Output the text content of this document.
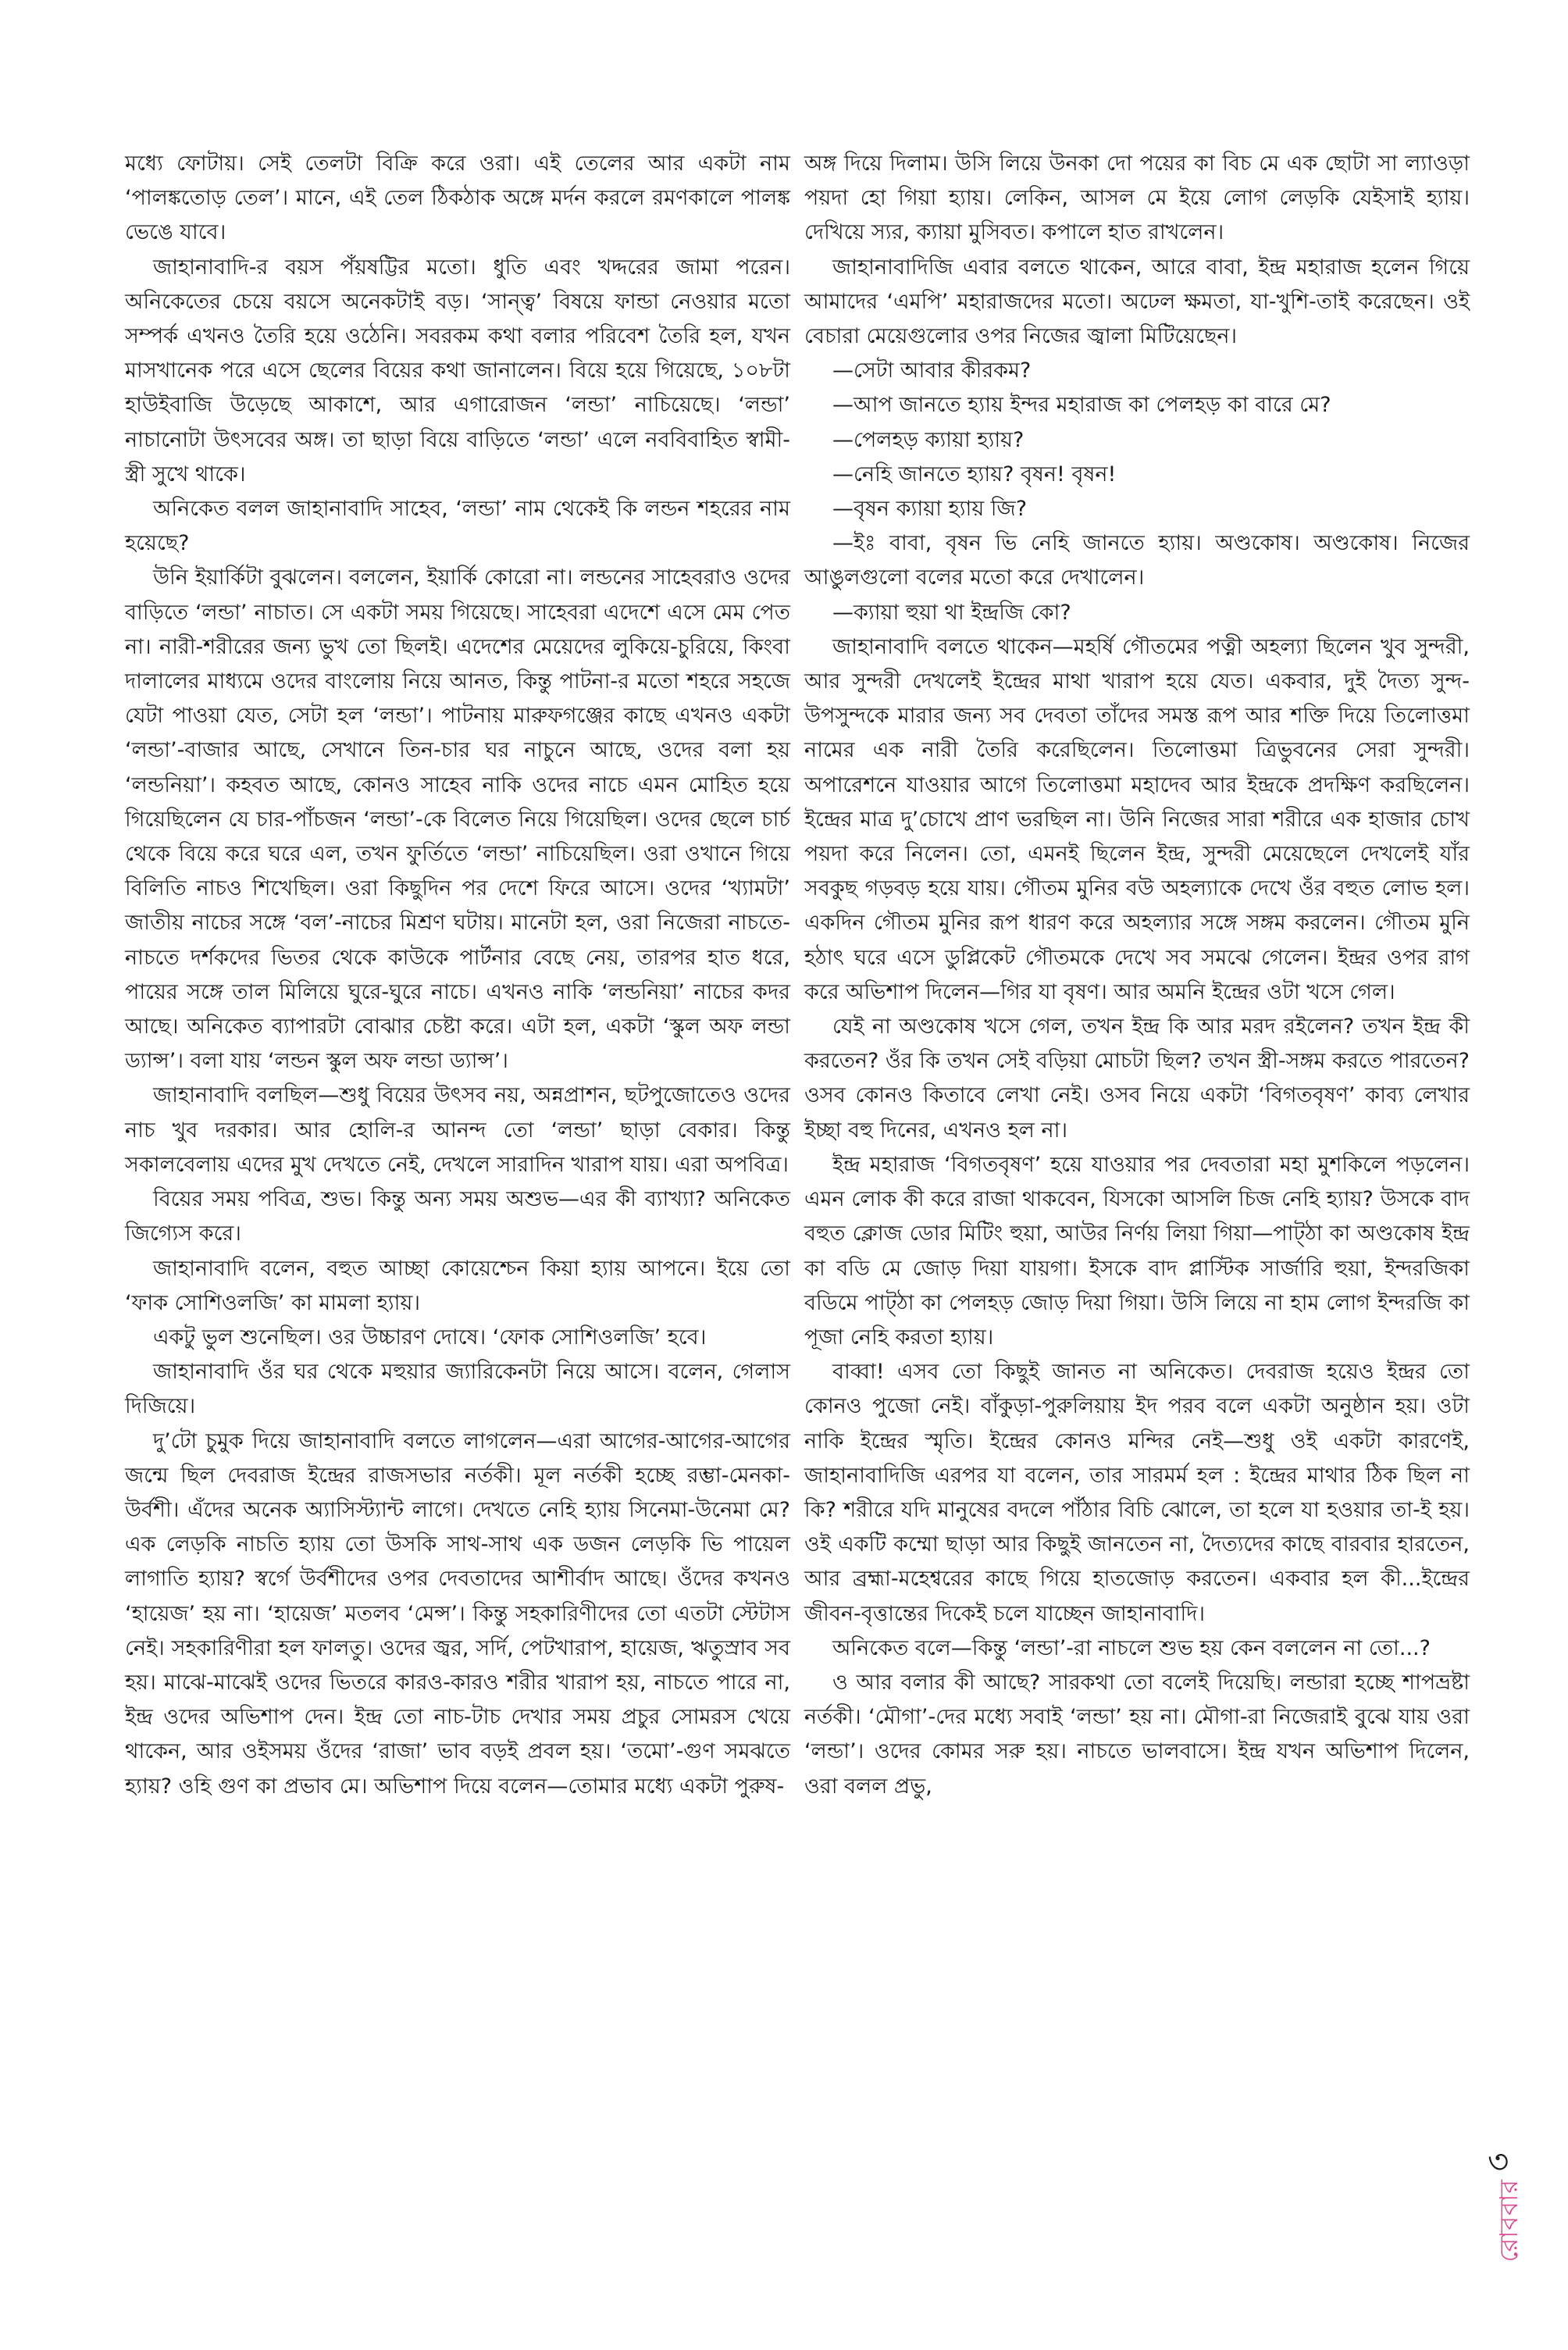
মধ্যে ফোটায়। সেই তেলটা বিক্রি করে ওরা। এই তেলের আর একটা নাম ‘পালঙ্কতোড় তেল’। মানে, এই তেল ঠিকঠাক অঙ্গে মর্দন করলে রমণকালে পালঙ্ক ভেঙে যাবে।

জাহানাবাদি-র বয়স পঁয়ষট্টির মতো। ধুতি এবং খদ্দরের জামা পরেন। অনিকেতের চেয়ে বয়সে অনেকটাই বড়। ‘সান্ত্ব’ বিষয়ে ফান্ডা নেওয়ার মতো সম্পর্ক এখনও তৈরি হয়ে ওঠেনি। সবরকম কথা বলার পরিবেশ তৈরি হল, যখন মাসখানেক পরে এসে ছেলের বিয়ের কথা জানালেন। বিয়ে হয়ে গিয়েছে, ১০৮টা হাউইবাজি উড়েছে আকাশে, আর এগারোজন ‘লন্ডা’ নাচিয়েছে। ‘লন্ডা’ নাচানোটা উৎসবের অঙ্গ। তা ছাড়া বিয়ে বাড়িতে ‘লন্ডা’ এলে নববিবাহিত স্বামী-স্ত্রী সুখে থাকে।

অনিকেত বলল জাহানাবাদি সাহেব, ‘লন্ডা’ নাম থেকেই কি লন্ডন শহরের নাম হয়েছে?

উনি ইয়ার্কিটা বুঝলেন। বললেন, ইয়ার্কি কোরো না। লন্ডনের সাহেবরাও ওদের বাড়িতে ‘লন্ডা’ নাচাত। সে একটা সময় গিয়েছে। সাহেবরা এদেশে এসে মেম পেত না। নারী-শরীরের জন্য ভুখ তো ছিলই। এদেশের মেয়েদের লুকিয়ে-চুরিয়ে, কিংবা দালালের মাধ্যমে ওদের বাংলোয় নিয়ে আনত, কিন্তু পাটনা-র মতো শহরে সহজে যেটা পাওয়া যেত, সেটা হল ‘লন্ডা’। পাটনায় মারুফগঞ্জের কাছে এখনও একটা ‘লন্ডা’-বাজার আছে, সেখানে তিন-চার ঘর নাচুনে আছে, ওদের বলা হয় ‘লন্ডনিয়া’। কহবত আছে, কোনও সাহেব নাকি ওদের নাচে এমন মোহিত হয়ে গিয়েছিলেন যে চার-পাঁচজন ‘লন্ডা’-কে বিলেত নিয়ে গিয়েছিল। ওদের ছেলে চার্চ থেকে বিয়ে করে ঘরে এল, তখন ফুর্তিতে ‘লন্ডা’ নাচিয়েছিল। ওরা ওখানে গিয়ে বিলিতি নাচও শিখেছিল। ওরা কিছুদিন পর দেশে ফিরে আসে। ওদের ‘খ্যামটা’ জাতীয় নাচের সঙ্গে ‘বল’-নাচের মিশ্রণ ঘটায়। মানেটা হল, ওরা নিজেরা নাচতে-নাচতে দর্শকদের ভিতর থেকে কাউকে পার্টনার বেছে নেয়, তারপর হাত ধরে, পায়ের সঙ্গে তাল মিলিয়ে ঘুরে-ঘুরে নাচে। এখনও নাকি ‘লন্ডনিয়া’ নাচের কদর আছে। অনিকেত ব্যাপারটা বোঝার চেষ্টা করে। এটা হল, একটা ‘স্কুল অফ লন্ডা ড্যান্স’। বলা যায় ‘লন্ডন স্কুল অফ লন্ডা ড্যান্স’।

জাহানাবাদি বলছিল—শুধু বিয়ের উৎসব নয়, অন্নপ্রাশন, ছটপুজোতেও ওদের নাচ খুব দরকার। আর হোলি-র আনন্দ তো ‘লন্ডা’ ছাড়া বেকার। কিন্তু সকালবেলায় এদের মুখ দেখতে নেই, দেখলে সারাদিন খারাপ যায়। এরা অপবিত্র।

বিয়ের সময় পবিত্র, শুভ। কিন্তু অন্য সময় অশুভ—এর কী ব্যাখ্যা? অনিকেত জিগ্যেস করে।

জাহানাবাদি বলেন, বহুত আচ্ছা কোয়েশ্চেন কিয়া হ্যায় আপনে। ইয়ে তো ‘ফাক সোশিওলজি’ কা মামলা হ্যায়।

একটু ভুল শুনেছিল। ওর উচ্চারণ দোষে। ‘ফোক সোশিওলজি’ হবে।

জাহানাবাদি ওঁর ঘর থেকে মহুয়ার জ্যারিকেনটা নিয়ে আসে। বলেন, গেলাস দিজিয়ে।

দু’টো চুমুক দিয়ে জাহানাবাদি বলতে লাগলেন—এরা আগের-আগের-আগের জন্মে ছিল দেবরাজ ইন্দ্রের রাজসভার নর্তকী। মূল নর্তকী হচ্ছে রম্ভা-মেনকা-উর্বশী। এঁদের অনেক অ্যাসিস্ট্যান্ট লাগে। দেখতে নেহি হ্যায় সিনেমা-উনেমা মে? এক লেড়কি নাচতি হ্যায় তো উসকি সাথ-সাথ এক ডজন লেড়কি ভি পায়েল লাগাতি হ্যায়? স্বর্গে উর্বশীদের ওপর দেবতাদের আশীর্বাদ আছে। ওঁদের কখনও ‘হায়েজ’ হয় না। ‘হায়েজ’ মতলব ‘মেন্স’। কিন্তু সহকারিণীদের তো এতটা স্টেটাস নেই। সহকারিণীরা হল ফালতু। ওদের জ্বর, সর্দি, পেটখারাপ, হায়েজ, ঋতুস্রাব সব হয়। মাঝে-মাঝেই ওদের ভিতরে কারও-কারও শরীর খারাপ হয়, নাচতে পারে না, ইন্দ্র ওদের অভিশাপ দেন। ইন্দ্র তো নাচ-টাচ দেখার সময় প্রচুর সোমরস খেয়ে থাকেন, আর ওইসময় ওঁদের ‘রাজা’ ভাব বড়ই প্রবল হয়। ‘তমো’-গুণ সমঝতে হ্যায়? ওহি গুণ কা প্রভাব মে। অভিশাপ দিয়ে বলেন—তোমার মধ্যে একটা পুরুষ-

অঙ্গ দিয়ে দিলাম। উসি লিয়ে উনকা দো পয়ের কা বিচ মে এক ছোটা সা ল্যাওড়া পয়দা হো গিয়া হ্যায়। লেকিন, আসল মে ইয়ে লোগ লেড়কি যেইসাই হ্যায়। দেখিয়ে স্যর, ক্যায়া মুসিবত। কপালে হাত রাখলেন।

জাহানাবাদিজি এবার বলতে থাকেন, আরে বাবা, ইন্দ্র মহারাজ হলেন গিয়ে আমাদের ‘এমপি’ মহারাজদের মতো। অঢেল ক্ষমতা, যা-খুশি-তাই করেছেন। ওই বেচারা মেয়েগুলোর ওপর নিজের জ্বালা মিটিয়েছেন।

—সেটা আবার কীরকম?

—আপ জানতে হ্যায় ইন্দর মহারাজ কা পেলহড় কা বারে মে?

—পেলহড় ক্যায়া হ্যায়?

—নেহি জানতে হ্যায়? বৃষন! বৃষন!

—বৃষন ক্যায়া হ্যায় জি?

—ইঃ বাবা, বৃষন ভি নেহি জানতে হ্যায়। অণ্ডকোষ। অণ্ডকোষ। নিজের আঙুলগুলো বলের মতো করে দেখালেন।

—ক্যায়া হুয়া থা ইন্দ্রজি কো?

জাহানাবাদি বলতে থাকেন—মহর্ষি গৌতমের পত্নী অহল্যা ছিলেন খুব সুন্দরী, আর সুন্দরী দেখলেই ইন্দ্রের মাথা খারাপ হয়ে যেত। একবার, দুই দৈত্য সুন্দ-উপসুন্দকে মারার জন্য সব দেবতা তাঁদের সমস্ত রূপ আর শক্তি দিয়ে তিলোত্তমা নামের এক নারী তৈরি করেছিলেন। তিলোত্তমা ত্রিভুবনের সেরা সুন্দরী। অপারেশনে যাওয়ার আগে তিলোত্তমা মহাদেব আর ইন্দ্রকে প্রদক্ষিণ করছিলেন। ইন্দ্রের মাত্র দু’চোখে প্রাণ ভরছিল না। উনি নিজের সারা শরীরে এক হাজার চোখ পয়দা করে নিলেন। তো, এমনই ছিলেন ইন্দ্র, সুন্দরী মেয়েছেলে দেখলেই যাঁর সবকুছ গড়বড় হয়ে যায়। গৌতম মুনির বউ অহল্যাকে দেখে ওঁর বহুত লোভ হল। একদিন গৌতম মুনির রূপ ধারণ করে অহল্যার সঙ্গে সঙ্গম করলেন। গৌতম মুনি হঠাৎ ঘরে এসে ডুপ্লিকেট গৌতমকে দেখে সব সমঝে গেলেন। ইন্দ্রর ওপর রাগ করে অভিশাপ দিলেন—গির যা বৃষণ। আর অমনি ইন্দ্রের ওটা খসে গেল।

যেই না অণ্ডকোষ খসে গেল, তখন ইন্দ্র কি আর মরদ রইলেন? তখন ইন্দ্র কী করতেন? ওঁর কি তখন সেই বড়িয়া মোচটা ছিল? তখন স্ত্রী-সঙ্গম করতে পারতেন? ওসব কোনও কিতাবে লেখা নেই। ওসব নিয়ে একটা ‘বিগতবৃষণ’ কাব্য লেখার ইচ্ছা বহু দিনের, এখনও হল না।

ইন্দ্র মহারাজ ‘বিগতবৃষণ’ হয়ে যাওয়ার পর দেবতারা মহা মুশকিলে পড়লেন। এমন লোক কী করে রাজা থাকবেন, যিসকো আসলি চিজ নেহি হ্যায়? উসকে বাদ বহুত ক্লোজ ডোর মিটিং হুয়া, আউর নির্ণয় লিয়া গিয়া—পাট্ঠা কা অণ্ডকোষ ইন্দ্র কা বডি মে জোড় দিয়া যায়গা। ইসকে বাদ প্লাস্টিক সার্জারি হুয়া, ইন্দরজিকা বডিমে পাট্ঠা কা পেলহড় জোড় দিয়া গিয়া। উসি লিয়ে না হাম লোগ ইন্দরজি কা পূজা নেহি করতা হ্যায়।

বাব্বা! এসব তো কিছুই জানত না অনিকেত। দেবরাজ হয়েও ইন্দ্রর তো কোনও পুজো নেই। বাঁকুড়া-পুরুলিয়ায় ইদ পরব বলে একটা অনুষ্ঠান হয়। ওটা নাকি ইন্দ্রের স্মৃতি। ইন্দ্রের কোনও মন্দির নেই—শুধু ওই একটা কারণেই, জাহানাবাদিজি এরপর যা বলেন, তার সারমর্ম হল : ইন্দ্রের মাথার ঠিক ছিল না কি? শরীরে যদি মানুষের বদলে পাঁঠার বিচি ঝোলে, তা হলে যা হওয়ার তা-ই হয়। ওই একটি কম্মো ছাড়া আর কিছুই জানতেন না, দৈত্যদের কাছে বারবার হারতেন, আর ব্রহ্মা-মহেশ্বরের কাছে গিয়ে হাতজোড় করতেন। একবার হল কী...ইন্দ্রের জীবন-বৃত্তান্তের দিকেই চলে যাচ্ছেন জাহানাবাদি।

অনিকেত বলে—কিন্তু ‘লন্ডা’-রা নাচলে শুভ হয় কেন বললেন না তো...?

ও আর বলার কী আছে? সারকথা তো বলেই দিয়েছি। লন্ডারা হচ্ছে শাপভ্রষ্টা নর্তকী। ‘মৌগা’-দের মধ্যে সবাই ‘লন্ডা’ হয় না। মৌগা-রা নিজেরাই বুঝে যায় ওরা ‘লন্ডা’। ওদের কোমর সরু হয়। নাচতে ভালবাসে। ইন্দ্র যখন অভিশাপ দিলেন, ওরা বলল প্রভু,

৩
রোববার
